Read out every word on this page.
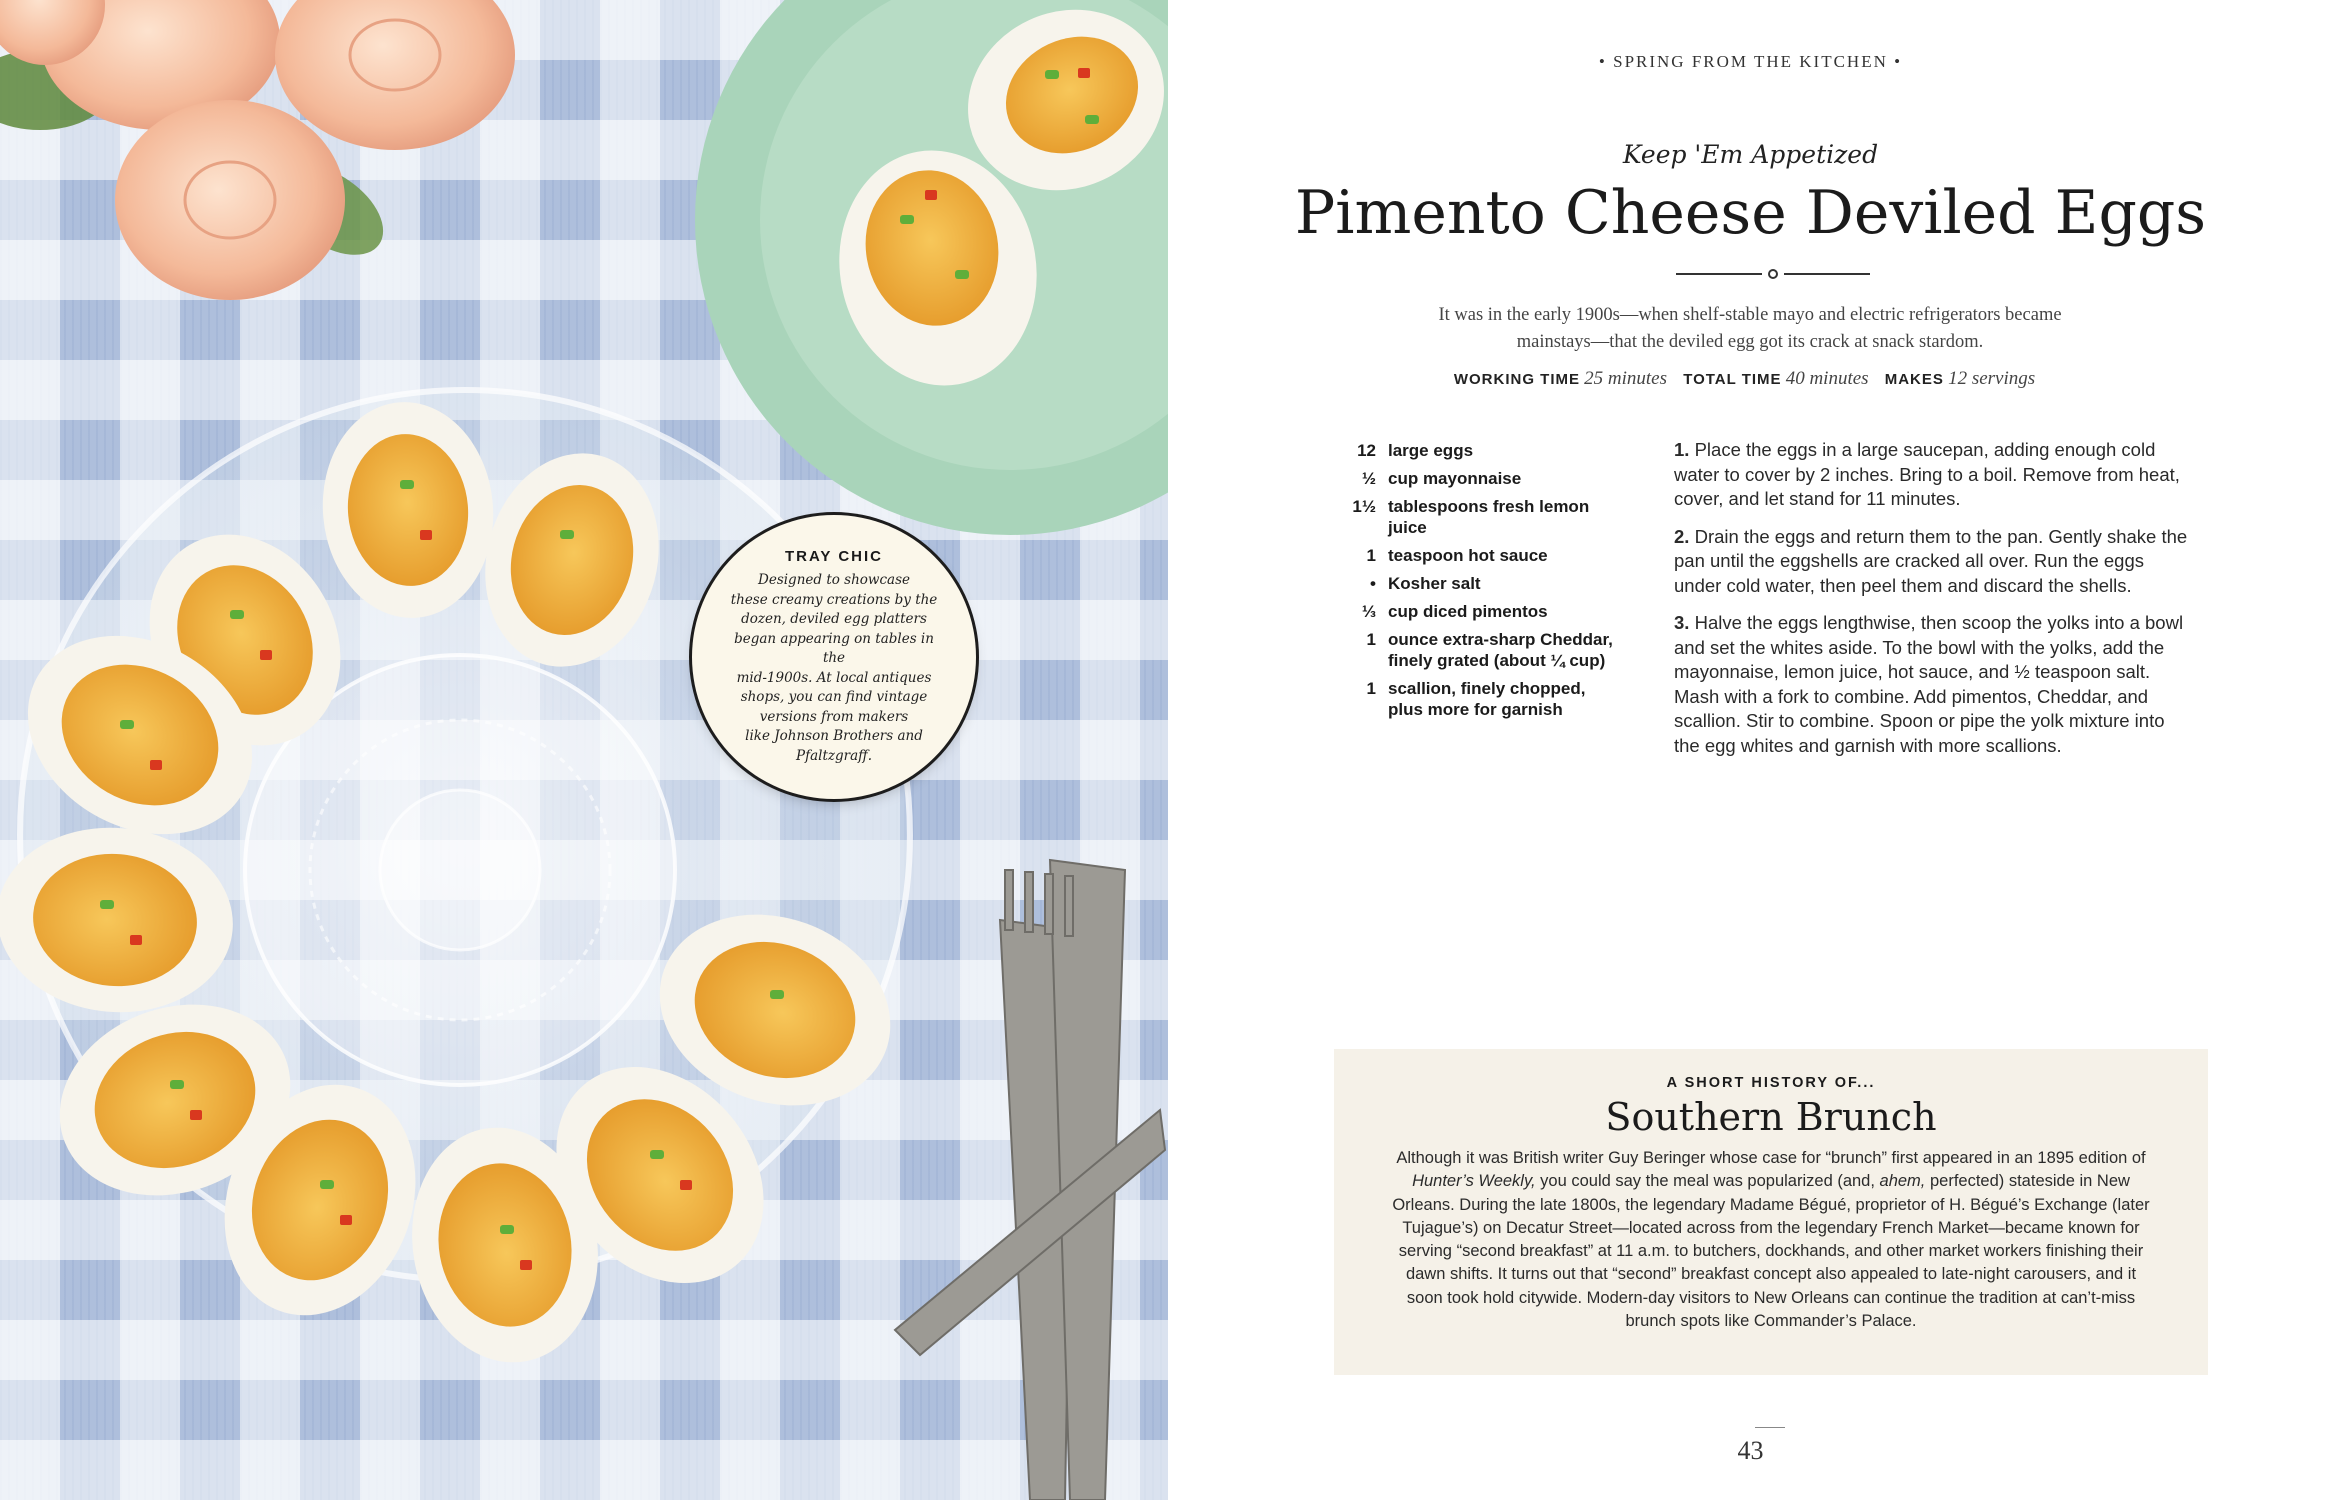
TRAY CHIC
Designed to showcase
these creamy creations by the
dozen, deviled egg platters
began appearing on tables in the
mid-1900s. At local antiques
shops, you can find vintage
versions from makers
like Johnson Brothers and
Pfaltzgraff.
• SPRING FROM THE KITCHEN •
Keep 'Em Appetized
Pimento Cheese Deviled Eggs
It was in the early 1900s—when shelf-stable mayo and electric refrigerators became
mainstays—that the deviled egg got its crack at snack stardom.
WORKING TIME 25 minutes TOTAL TIME 40 minutes MAKES 12 servings
12 large eggs
½ cup mayonnaise
1½ tablespoons fresh lemon juice
1 teaspoon hot sauce
• Kosher salt
⅓ cup diced pimentos
1 ounce extra-sharp Cheddar, finely grated (about ¼ cup)
1 scallion, finely chopped, plus more for garnish

1. Place the eggs in a large saucepan, adding enough cold water to cover by 2 inches. Bring to a boil. Remove from heat, cover, and let stand for 11 minutes.

2. Drain the eggs and return them to the pan. Gently shake the pan until the eggshells are cracked all over. Run the eggs under cold water, then peel them and discard the shells.

3. Halve the eggs lengthwise, then scoop the yolks into a bowl and set the whites aside. To the bowl with the yolks, add the mayonnaise, lemon juice, hot sauce, and ½ teaspoon salt. Mash with a fork to combine. Add pimentos, Cheddar, and scallion. Stir to combine. Spoon or pipe the yolk mixture into the egg whites and garnish with more scallions.

A SHORT HISTORY OF...
Southern Brunch
Although it was British writer Guy Beringer whose case for “brunch” first appeared in an 1895 edition of Hunter’s Weekly, you could say the meal was popularized (and, ahem, perfected) stateside in New Orleans. During the late 1800s, the legendary Madame Bégué, proprietor of H. Bégué’s Exchange (later Tujague’s) on Decatur Street—located across from the legendary French Market—became known for serving “second breakfast” at 11 a.m. to butchers, dockhands, and other market workers finishing their dawn shifts. It turns out that “second” breakfast concept also appealed to late-night carousers, and it soon took hold citywide. Modern-day visitors to New Orleans can continue the tradition at can’t-miss brunch spots like Commander’s Palace.
43
